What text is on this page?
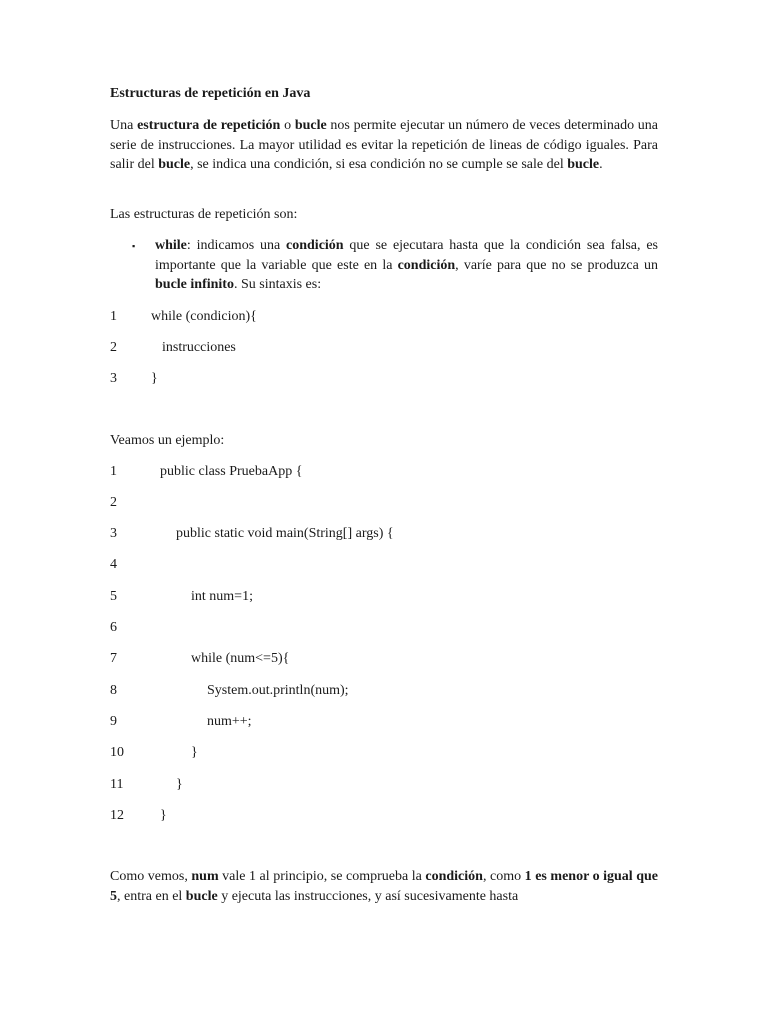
Estructuras de repetición en Java

Una estructura de repetición o bucle nos permite ejecutar un número de veces determinado una serie de instrucciones. La mayor utilidad es evitar la repetición de lineas de código iguales. Para salir del bucle, se indica una condición, si esa condición no se cumple se sale del bucle.

Las estructuras de repetición son:

▪ while: indicamos una condición que se ejecutara hasta que la condición sea falsa, es importante que la variable que este en la condición, varíe para que no se produzca un bucle infinito. Su sintaxis es:

1

while (condicion){

2

	instrucciones

3

}

Veamos un ejemplo:

1

	public class PruebaApp {

2

3

	public static void main(String[] args) {

4

5

	int num=1;

6

7

	while (num<=5){

8

	System.out.println(num);

9

	num++;

10

	}

11

	}

12

	}

Como vemos, num vale 1 al principio, se comprueba la condición, como 1 es menor o igual que 5, entra en el bucle y ejecuta las instrucciones, y así sucesivamente hasta
